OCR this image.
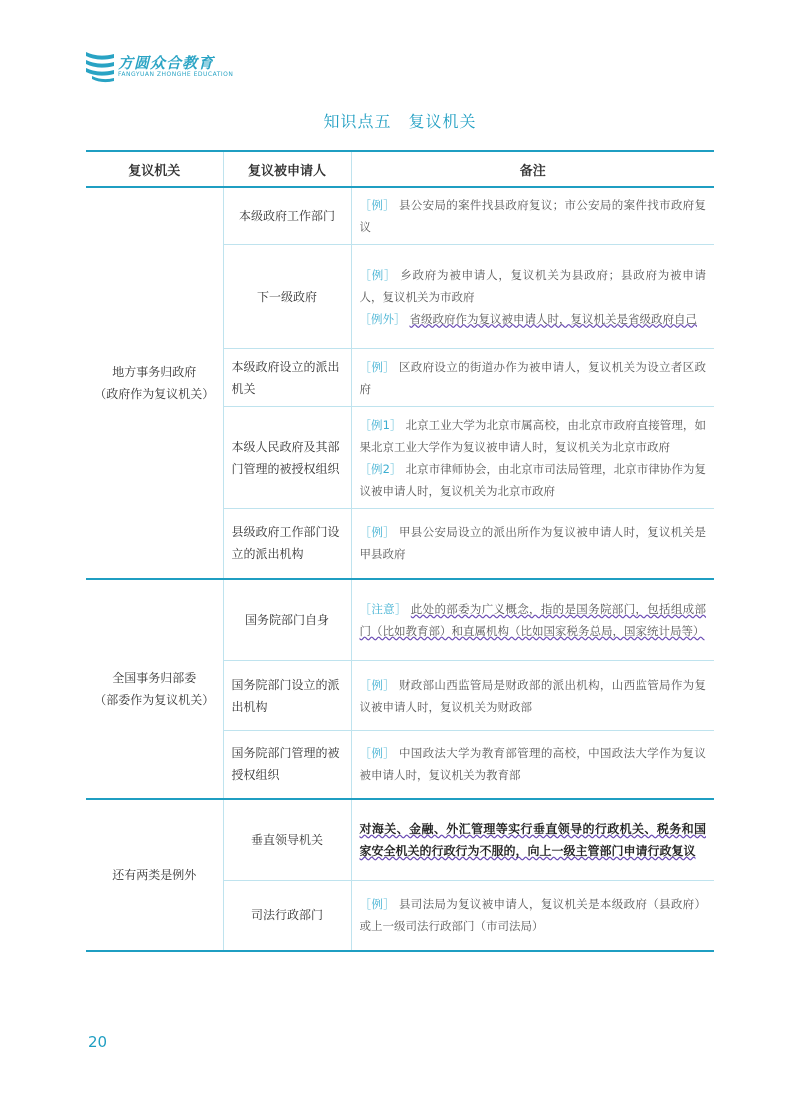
方圆众合教育
FANGYUAN ZHONGHE EDUCATION
知识点五　复议机关
复议机关	复议被申请人	备注
地方事务归政府
（政府作为复议机关）	本级政府工作部门	［例］ 县公安局的案件找县政府复议；市公安局的案件找市政府复议
	下一级政府	［例］ 乡政府为被申请人，复议机关为县政府；县政府为被申请人，复议机关为市政府
［例外］ 省级政府作为复议被申请人时，复议机关是省级政府自己

	本级政府设立的派出机关	［例］ 区政府设立的街道办作为被申请人，复议机关为设立者区政府
	本级人民政府及其部门管理的被授权组织	［例1］ 北京工业大学为北京市属高校，由北京市政府直接管理，如果北京工业大学作为复议被申请人时，复议机关为北京市政府
［例2］ 北京市律师协会，由北京市司法局管理，北京市律协作为复议被申请人时，复议机关为北京市政府

	县级政府工作部门设立的派出机构	［例］ 甲县公安局设立的派出所作为复议被申请人时，复议机关是甲县政府
全国事务归部委
（部委作为复议机关）	国务院部门自身	［注意］ 此处的部委为广义概念，指的是国务院部门，包括组成部门（比如教育部）和直属机构（比如国家税务总局，国家统计局等）
	国务院部门设立的派出机构	［例］ 财政部山西监管局是财政部的派出机构，山西监管局作为复议被申请人时，复议机关为财政部
	国务院部门管理的被授权组织	［例］ 中国政法大学为教育部管理的高校，中国政法大学作为复议被申请人时，复议机关为教育部
还有两类是例外	垂直领导机关	对海关、金融、外汇管理等实行垂直领导的行政机关、税务和国家安全机关的行政行为不服的，向上一级主管部门申请行政复议
	司法行政部门	［例］ 县司法局为复议被申请人，复议机关是本级政府（县政府）或上一级司法行政部门（市司法局）
20
